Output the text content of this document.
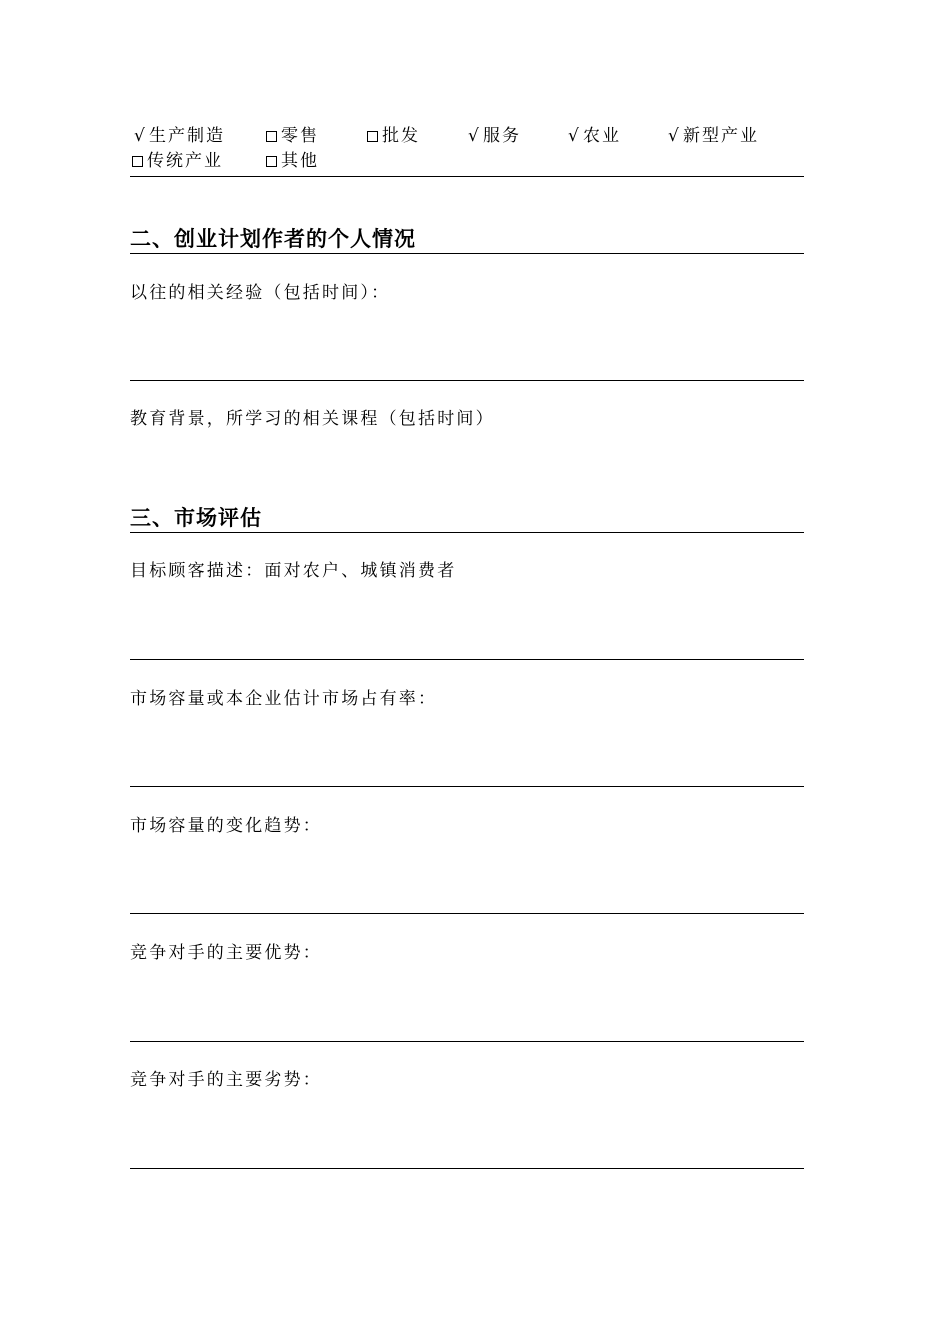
√ 生产制造	零售	批发	√ 服务	√ 农业	√ 新型产业
传统产业	其他
二、创业计划作者的个人情况
以往的相关经验（包括时间）：
教育背景，所学习的相关课程（包括时间）
三、市场评估
目标顾客描述：面对农户、城镇消费者
市场容量或本企业估计市场占有率：
市场容量的变化趋势：
竞争对手的主要优势：
竞争对手的主要劣势：
